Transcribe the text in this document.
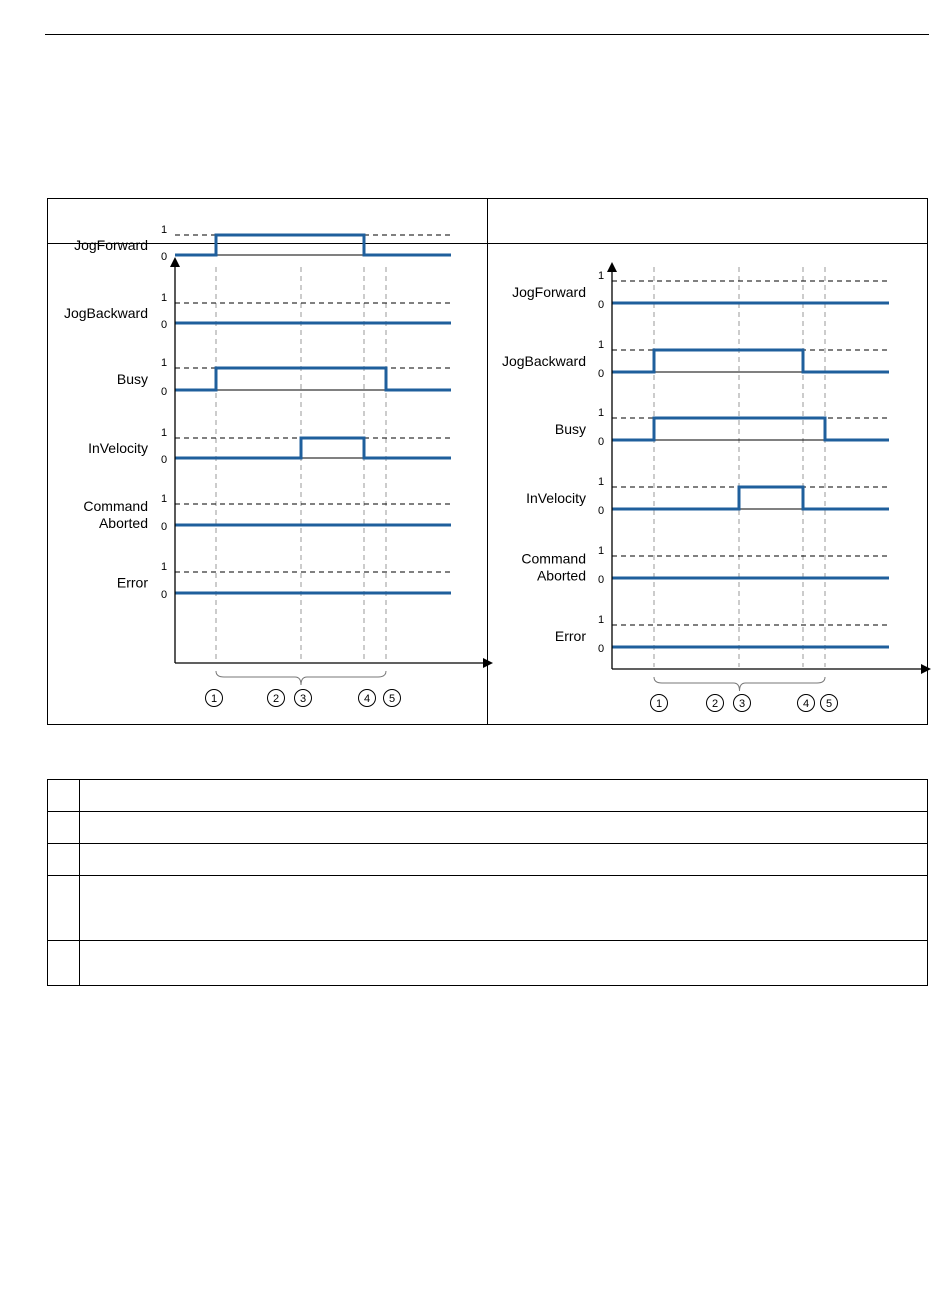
1
0
JogForward
1
0
JogBackward
1
0
Busy
1
0
InVelocity
1
0
Command
Aborted
1
0
Error
1	2 3	4 5
1
0
JogForward
1
0
JogBackward
1
0
Busy
1
0
InVelocity
1
0
Command
Aborted
1
0
Error
1	2 3	4 5
